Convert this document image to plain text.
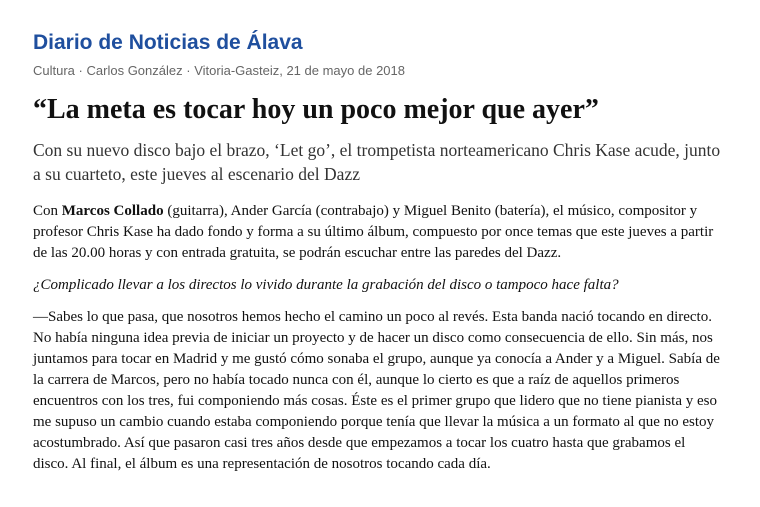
Diario de Noticias de Álava
Cultura · Carlos González · Vitoria-Gasteiz, 21 de mayo de 2018
“La meta es tocar hoy un poco mejor que ayer”

Con su nuevo disco bajo el brazo, ‘Let go’, el trompetista norteamericano Chris Kase acude, junto a su cuarteto, este jueves al escenario del Dazz

Con Marcos Collado (guitarra), Ander García (contrabajo) y Miguel Benito (batería), el músico, compositor y profesor Chris Kase ha dado fondo y forma a su último álbum, compuesto por once temas que este jueves a partir de las 20.00 horas y con entrada gratuita, se podrán escuchar entre las paredes del Dazz.

¿Complicado llevar a los directos lo vivido durante la grabación del disco o tampoco hace falta?

—Sabes lo que pasa, que nosotros hemos hecho el camino un poco al revés. Esta banda nació tocando en directo. No había ninguna idea previa de iniciar un proyecto y de hacer un disco como consecuencia de ello. Sin más, nos juntamos para tocar en Madrid y me gustó cómo sonaba el grupo, aunque ya conocía a Ander y a Miguel. Sabía de la carrera de Marcos, pero no había tocado nunca con él, aunque lo cierto es que a raíz de aquellos primeros encuentros con los tres, fui componiendo más cosas. Éste es el primer grupo que lidero que no tiene pianista y eso me supuso un cambio cuando estaba componiendo porque tenía que llevar la música a un formato al que no estoy acostumbrado. Así que pasaron casi tres años desde que empezamos a tocar los cuatro hasta que grabamos el disco. Al final, el álbum es una representación de nosotros tocando cada día.
